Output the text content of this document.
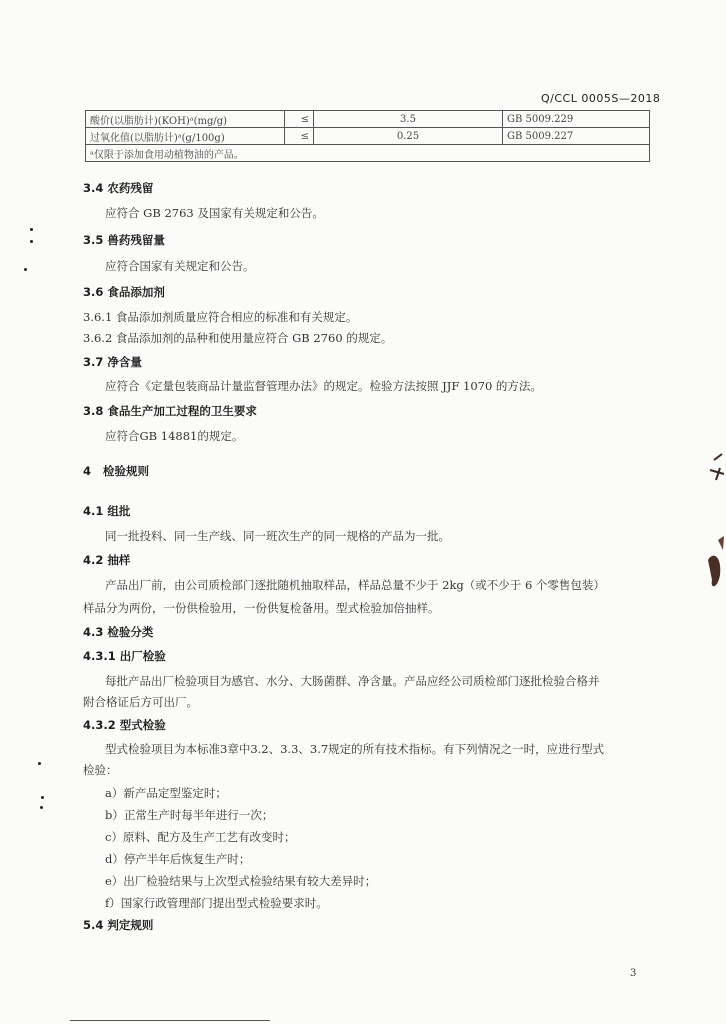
Q/CCL 0005S—2018
酸价(以脂肪计)(KOH)ᵃ(mg/g)	≤	3.5	GB 5009.229
过氧化值(以脂肪计)ᵃ(g/100g)	≤	0.25	GB 5009.227
ᵃ仅限于添加食用动植物油的产品。			
3.4 农药残留
应符合 GB 2763 及国家有关规定和公告。
3.5 兽药残留量
应符合国家有关规定和公告。
3.6 食品添加剂
3.6.1 食品添加剂质量应符合相应的标准和有关规定。
3.6.2 食品添加剂的品种和使用量应符合 GB 2760 的规定。
3.7 净含量
应符合《定量包装商品计量监督管理办法》的规定。检验方法按照 JJF 1070 的方法。
3.8 食品生产加工过程的卫生要求
应符合GB 14881的规定。
4   检验规则
4.1 组批
同一批投料、同一生产线、同一班次生产的同一规格的产品为一批。
4.2 抽样
产品出厂前，由公司质检部门逐批随机抽取样品，样品总量不少于 2kg（或不少于 6 个零售包装）
样品分为两份，一份供检验用，一份供复检备用。型式检验加倍抽样。
4.3 检验分类
4.3.1 出厂检验
每批产品出厂检验项目为感官、水分、大肠菌群、净含量。产品应经公司质检部门逐批检验合格并
附合格证后方可出厂。
4.3.2 型式检验
型式检验项目为本标准3章中3.2、3.3、3.7规定的所有技术指标。有下列情况之一时，应进行型式
检验：
a）新产品定型鉴定时；
b）正常生产时每半年进行一次；
c）原料、配方及生产工艺有改变时；
d）停产半年后恢复生产时；
e）出厂检验结果与上次型式检验结果有较大差异时；
f）国家行政管理部门提出型式检验要求时。
5.4 判定规则
3
